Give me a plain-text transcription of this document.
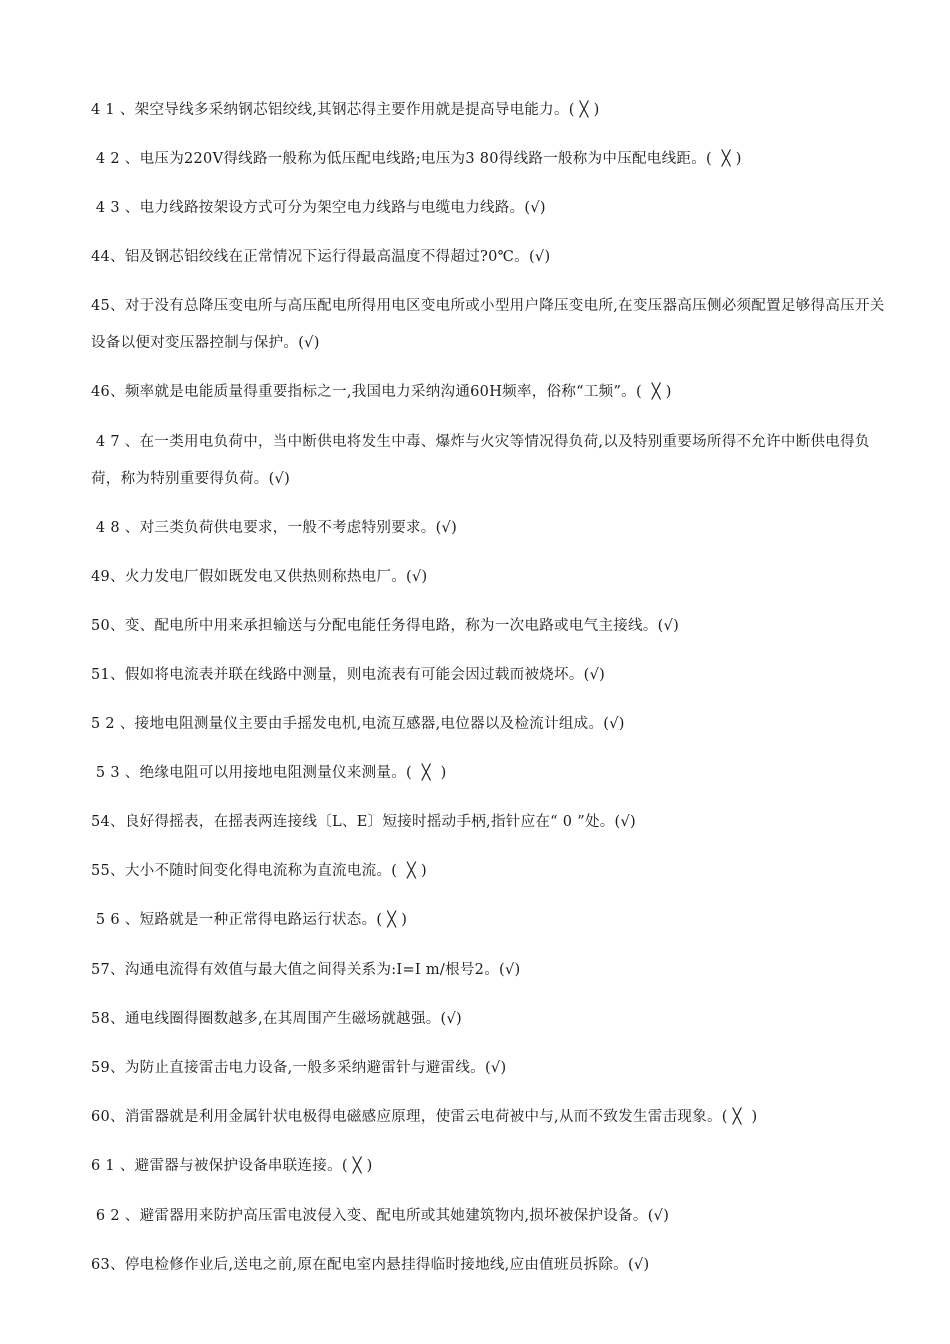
4 1 、架空导线多采纳钢芯铝绞线,其钢芯得主要作用就是提高导电能力。( ╳ )
4 2 、电压为220V得线路一般称为低压配电线路;电压为3 80得线路一般称为中压配电线距。(  ╳ )
4 3 、电力线路按架设方式可分为架空电力线路与电缆电力线路。(√)
44、铝及钢芯铝绞线在正常情况下运行得最高温度不得超过?0℃。(√)
45、对于没有总降压变电所与高压配电所得用电区变电所或小型用户降压变电所,在变压器高压侧必须配置足够得高压开关设备以便对变压器控制与保护。(√)
46、频率就是电能质量得重要指标之一,我国电力采纳沟通60H频率，俗称“工频”。(  ╳ )
4 7 、在一类用电负荷中，当中断供电将发生中毒、爆炸与火灾等情况得负荷,以及特别重要场所得不允许中断供电得负荷，称为特别重要得负荷。(√)
4 8 、对三类负荷供电要求，一般不考虑特别要求。(√)
49、火力发电厂假如既发电又供热则称热电厂。(√)
50、变、配电所中用来承担输送与分配电能任务得电路，称为一次电路或电气主接线。(√)
51、假如将电流表并联在线路中测量，则电流表有可能会因过载而被烧坏。(√)
5 2 、接地电阻测量仪主要由手摇发电机,电流互感器,电位器以及检流计组成。(√)
5 3 、绝缘电阻可以用接地电阻测量仪来测量。(  ╳  )
54、良好得摇表，在摇表两连接线〔L、E〕短接时摇动手柄,指针应在“ 0 ”处。(√)
55、大小不随时间变化得电流称为直流电流。(  ╳ )
5 6 、短路就是一种正常得电路运行状态。( ╳ )
57、沟通电流得有效值与最大值之间得关系为:I=I m/根号2。(√)
58、通电线圈得圈数越多,在其周围产生磁场就越强。(√)
59、为防止直接雷击电力设备,一般多采纳避雷针与避雷线。(√)
60、消雷器就是利用金属针状电极得电磁感应原理，使雷云电荷被中与,从而不致发生雷击现象。( ╳  )
6 1 、避雷器与被保护设备串联连接。( ╳ )
6 2 、避雷器用来防护高压雷电波侵入变、配电所或其她建筑物内,损坏被保护设备。(√)
63、停电检修作业后,送电之前,原在配电室内悬挂得临时接地线,应由值班员拆除。(√)
